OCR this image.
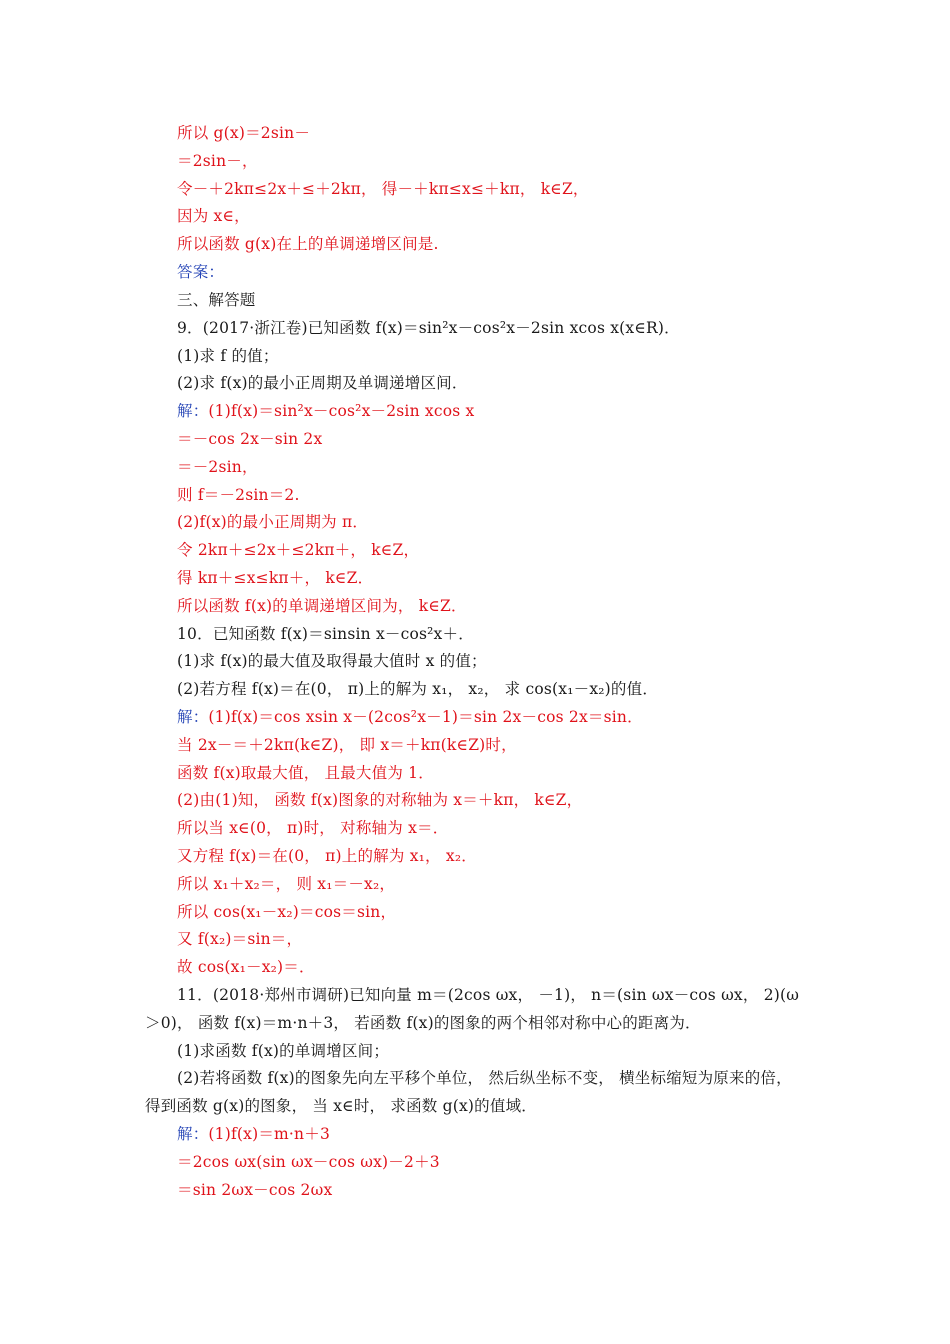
所以 g(x)＝2sin－
＝2sin－，
令－＋2kπ≤2x＋≤＋2kπ， 得－＋kπ≤x≤＋kπ， k∈Z，
因为 x∈，
所以函数 g(x)在上的单调递增区间是.
答案：
三、解答题
9．(2017·浙江卷)已知函数 f(x)＝sin²x－cos²x－2sin xcos x(x∈R)．
(1)求 f 的值；
(2)求 f(x)的最小正周期及单调递增区间．
解：(1)f(x)＝sin²x－cos²x－2sin xcos x
＝－cos 2x－sin 2x
＝－2sin，
则 f＝－2sin＝2.
(2)f(x)的最小正周期为 π．
令 2kπ＋≤2x＋≤2kπ＋， k∈Z，
得 kπ＋≤x≤kπ＋， k∈Z．
所以函数 f(x)的单调递增区间为， k∈Z．
10．已知函数 f(x)＝sinsin x－cos²x＋．
(1)求 f(x)的最大值及取得最大值时 x 的值；
(2)若方程 f(x)＝在(0， π)上的解为 x₁， x₂， 求 cos(x₁－x₂)的值．
解：(1)f(x)＝cos xsin x－(2cos²x－1)＝sin 2x－cos 2x＝sin．
当 2x－＝＋2kπ(k∈Z)， 即 x＝＋kπ(k∈Z)时，
函数 f(x)取最大值， 且最大值为 1．
(2)由(1)知， 函数 f(x)图象的对称轴为 x＝＋kπ， k∈Z，
所以当 x∈(0， π)时， 对称轴为 x＝．
又方程 f(x)＝在(0， π)上的解为 x₁， x₂．
所以 x₁＋x₂＝， 则 x₁＝－x₂，
所以 cos(x₁－x₂)＝cos＝sin，
又 f(x₂)＝sin＝，
故 cos(x₁－x₂)＝．
11．(2018·郑州市调研)已知向量 m＝(2cos ωx， －1)， n＝(sin ωx－cos ωx， 2)(ω
＞0)， 函数 f(x)＝m·n＋3， 若函数 f(x)的图象的两个相邻对称中心的距离为．
(1)求函数 f(x)的单调增区间；
(2)若将函数 f(x)的图象先向左平移个单位， 然后纵坐标不变， 横坐标缩短为原来的倍，
得到函数 g(x)的图象， 当 x∈时， 求函数 g(x)的值域．
解：(1)f(x)＝m·n＋3
＝2cos ωx(sin ωx－cos ωx)－2＋3
＝sin 2ωx－cos 2ωx
